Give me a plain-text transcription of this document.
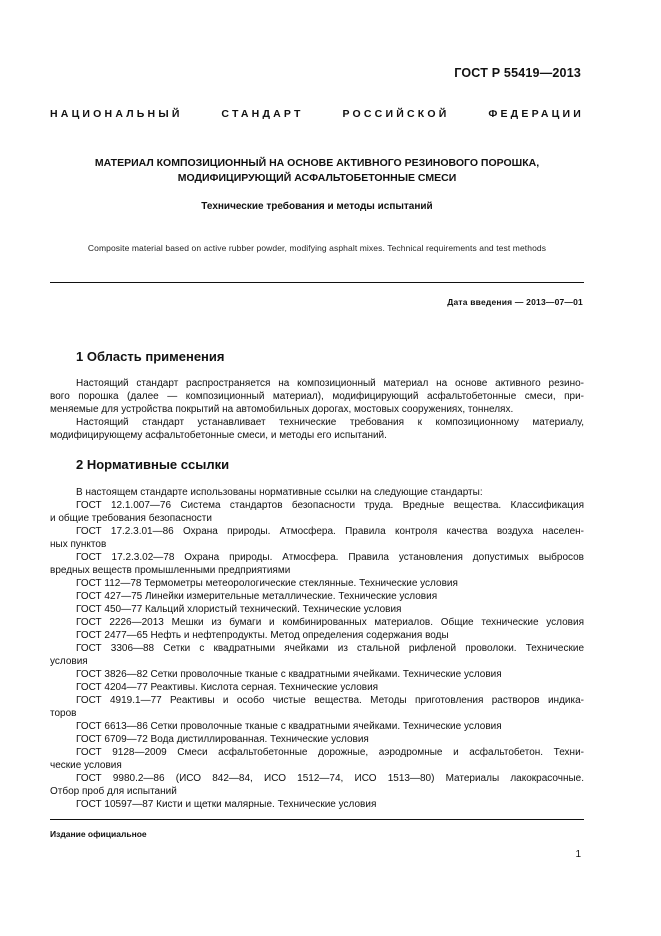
ГОСТ Р 55419—2013
НАЦИОНАЛЬНЫЙ СТАНДАРТ РОССИЙСКОЙ ФЕДЕРАЦИИ
МАТЕРИАЛ КОМПОЗИЦИОННЫЙ НА ОСНОВЕ АКТИВНОГО РЕЗИНОВОГО ПОРОШКА,
МОДИФИЦИРУЮЩИЙ АСФАЛЬТОБЕТОННЫЕ СМЕСИ
Технические требования и методы испытаний
Composite material based on active rubber powder, modifying asphalt mixes. Technical requirements and test methods
Дата введения — 2013—07—01
1 Область применения
Настоящий стандарт распространяется на композиционный материал на основе активного резино-
вого порошка (далее — композиционный материал), модифицирующий асфальтобетонные смеси, при-
меняемые для устройства покрытий на автомобильных дорогах, мостовых сооружениях, тоннелях.
Настоящий стандарт устанавливает технические требования к композиционному материалу,
модифицирующему асфальтобетонные смеси, и методы его испытаний.
2 Нормативные ссылки
В настоящем стандарте использованы нормативные ссылки на следующие стандарты:
ГОСТ 12.1.007—76 Система стандартов безопасности труда. Вредные вещества. Классификация
и общие требования безопасности
ГОСТ 17.2.3.01—86 Охрана природы. Атмосфера. Правила контроля качества воздуха населен-
ных пунктов
ГОСТ 17.2.3.02—78 Охрана природы. Атмосфера. Правила установления допустимых выбросов
вредных веществ промышленными предприятиями
ГОСТ 112—78 Термометры метеорологические стеклянные. Технические условия
ГОСТ 427—75 Линейки измерительные металлические. Технические условия
ГОСТ 450—77 Кальций хлористый технический. Технические условия
ГОСТ 2226—2013 Мешки из бумаги и комбинированных материалов. Общие технические условия
ГОСТ 2477—65 Нефть и нефтепродукты. Метод определения содержания воды
ГОСТ 3306—88 Сетки с квадратными ячейками из стальной рифленой проволоки. Технические
условия
ГОСТ 3826—82 Сетки проволочные тканые с квадратными ячейками. Технические условия
ГОСТ 4204—77 Реактивы. Кислота серная. Технические условия
ГОСТ 4919.1—77 Реактивы и особо чистые вещества. Методы приготовления растворов индика-
торов
ГОСТ 6613—86 Сетки проволочные тканые с квадратными ячейками. Технические условия
ГОСТ 6709—72 Вода дистиллированная. Технические условия
ГОСТ 9128—2009 Смеси асфальтобетонные дорожные, аэродромные и асфальтобетон. Техни-
ческие условия
ГОСТ 9980.2—86 (ИСО 842—84, ИСО 1512—74, ИСО 1513—80) Материалы лакокрасочные.
Отбор проб для испытаний
ГОСТ 10597—87 Кисти и щетки малярные. Технические условия
Издание официальное
1
